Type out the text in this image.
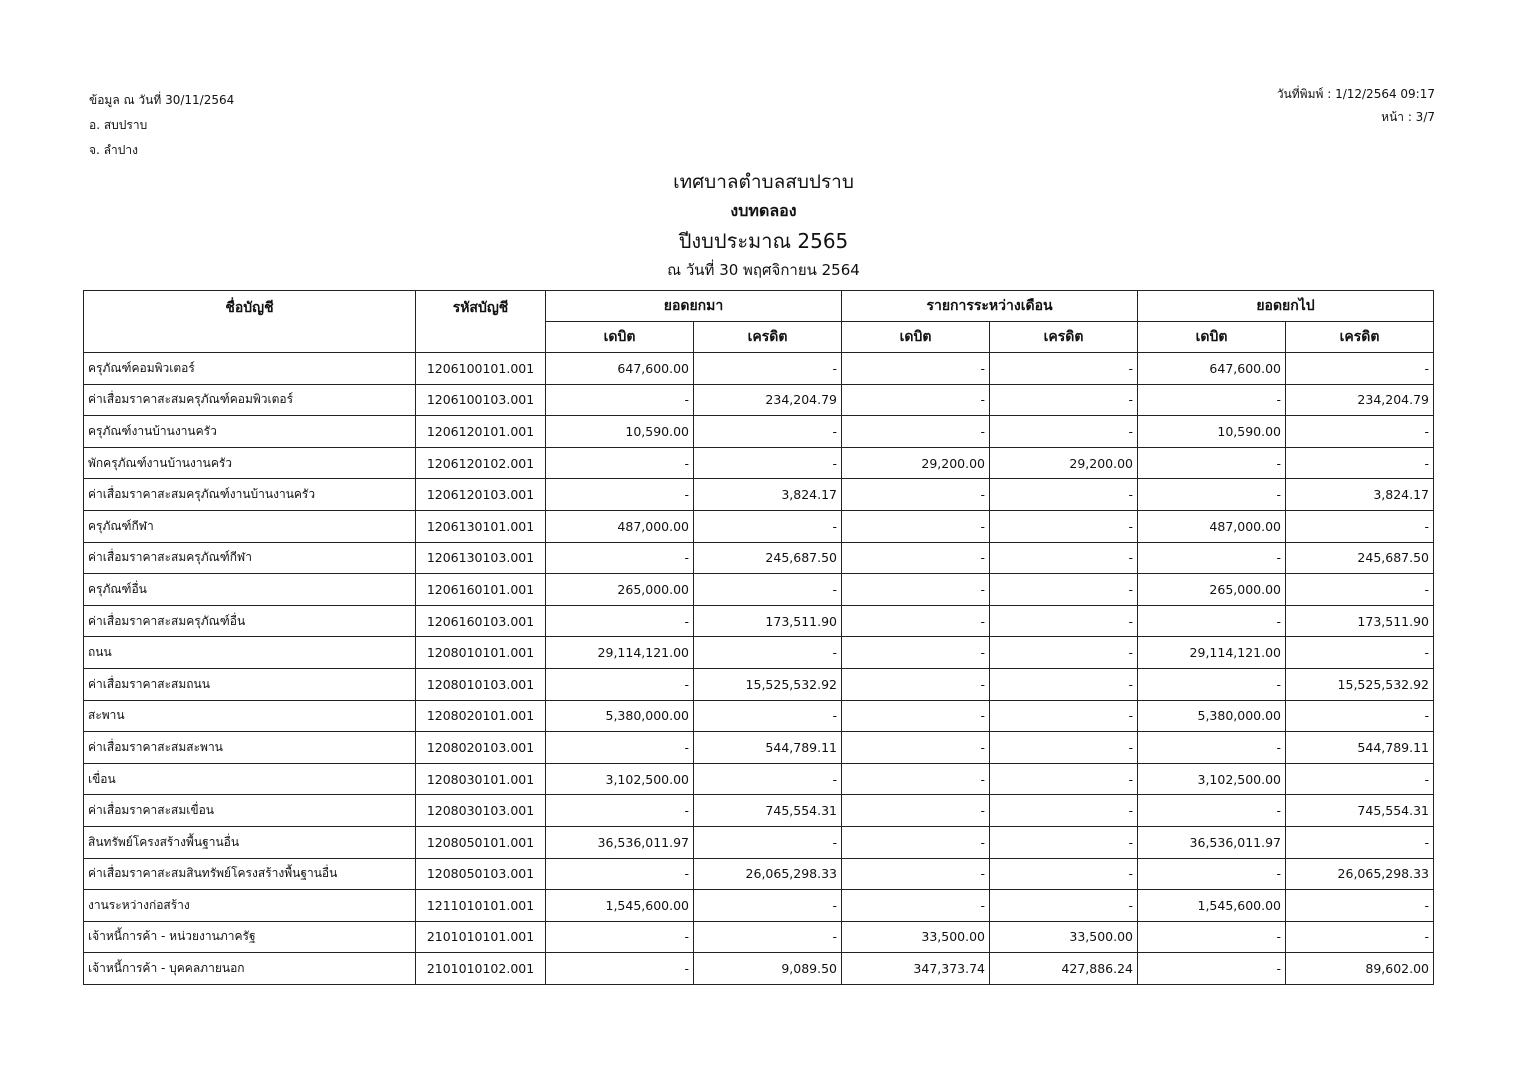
ข้อมูล ณ วันที่ 30/11/2564
อ. สบปราบ
จ. ลำปาง
วันที่พิมพ์ : 1/12/2564 09:17
หน้า : 3/7
เทศบาลตำบลสบปราบ
งบทดลอง
ปีงบประมาณ 2565
ณ วันที่ 30 พฤศจิกายน 2564
ชื่อบัญชี	รหัสบัญชี	ยอดยกมา		รายการระหว่างเดือน		ยอดยกไป	
		เดบิต	เครดิต	เดบิต	เครดิต	เดบิต	เครดิต
ครุภัณฑ์คอมพิวเตอร์	1206100101.001	647,600.00	-	-	-	647,600.00	-
ค่าเสื่อมราคาสะสมครุภัณฑ์คอมพิวเตอร์	1206100103.001	-	234,204.79	-	-	-	234,204.79
ครุภัณฑ์งานบ้านงานครัว	1206120101.001	10,590.00	-	-	-	10,590.00	-
พักครุภัณฑ์งานบ้านงานครัว	1206120102.001	-	-	29,200.00	29,200.00	-	-
ค่าเสื่อมราคาสะสมครุภัณฑ์งานบ้านงานครัว	1206120103.001	-	3,824.17	-	-	-	3,824.17
ครุภัณฑ์กีฬา	1206130101.001	487,000.00	-	-	-	487,000.00	-
ค่าเสื่อมราคาสะสมครุภัณฑ์กีฬา	1206130103.001	-	245,687.50	-	-	-	245,687.50
ครุภัณฑ์อื่น	1206160101.001	265,000.00	-	-	-	265,000.00	-
ค่าเสื่อมราคาสะสมครุภัณฑ์อื่น	1206160103.001	-	173,511.90	-	-	-	173,511.90
ถนน	1208010101.001	29,114,121.00	-	-	-	29,114,121.00	-
ค่าเสื่อมราคาสะสมถนน	1208010103.001	-	15,525,532.92	-	-	-	15,525,532.92
สะพาน	1208020101.001	5,380,000.00	-	-	-	5,380,000.00	-
ค่าเสื่อมราคาสะสมสะพาน	1208020103.001	-	544,789.11	-	-	-	544,789.11
เขื่อน	1208030101.001	3,102,500.00	-	-	-	3,102,500.00	-
ค่าเสื่อมราคาสะสมเขื่อน	1208030103.001	-	745,554.31	-	-	-	745,554.31
สินทรัพย์โครงสร้างพื้นฐานอื่น	1208050101.001	36,536,011.97	-	-	-	36,536,011.97	-
ค่าเสื่อมราคาสะสมสินทรัพย์โครงสร้างพื้นฐานอื่น	1208050103.001	-	26,065,298.33	-	-	-	26,065,298.33
งานระหว่างก่อสร้าง	1211010101.001	1,545,600.00	-	-	-	1,545,600.00	-
เจ้าหนี้การค้า - หน่วยงานภาครัฐ	2101010101.001	-	-	33,500.00	33,500.00	-	-
เจ้าหนี้การค้า - บุคคลภายนอก	2101010102.001	-	9,089.50	347,373.74	427,886.24	-	89,602.00
